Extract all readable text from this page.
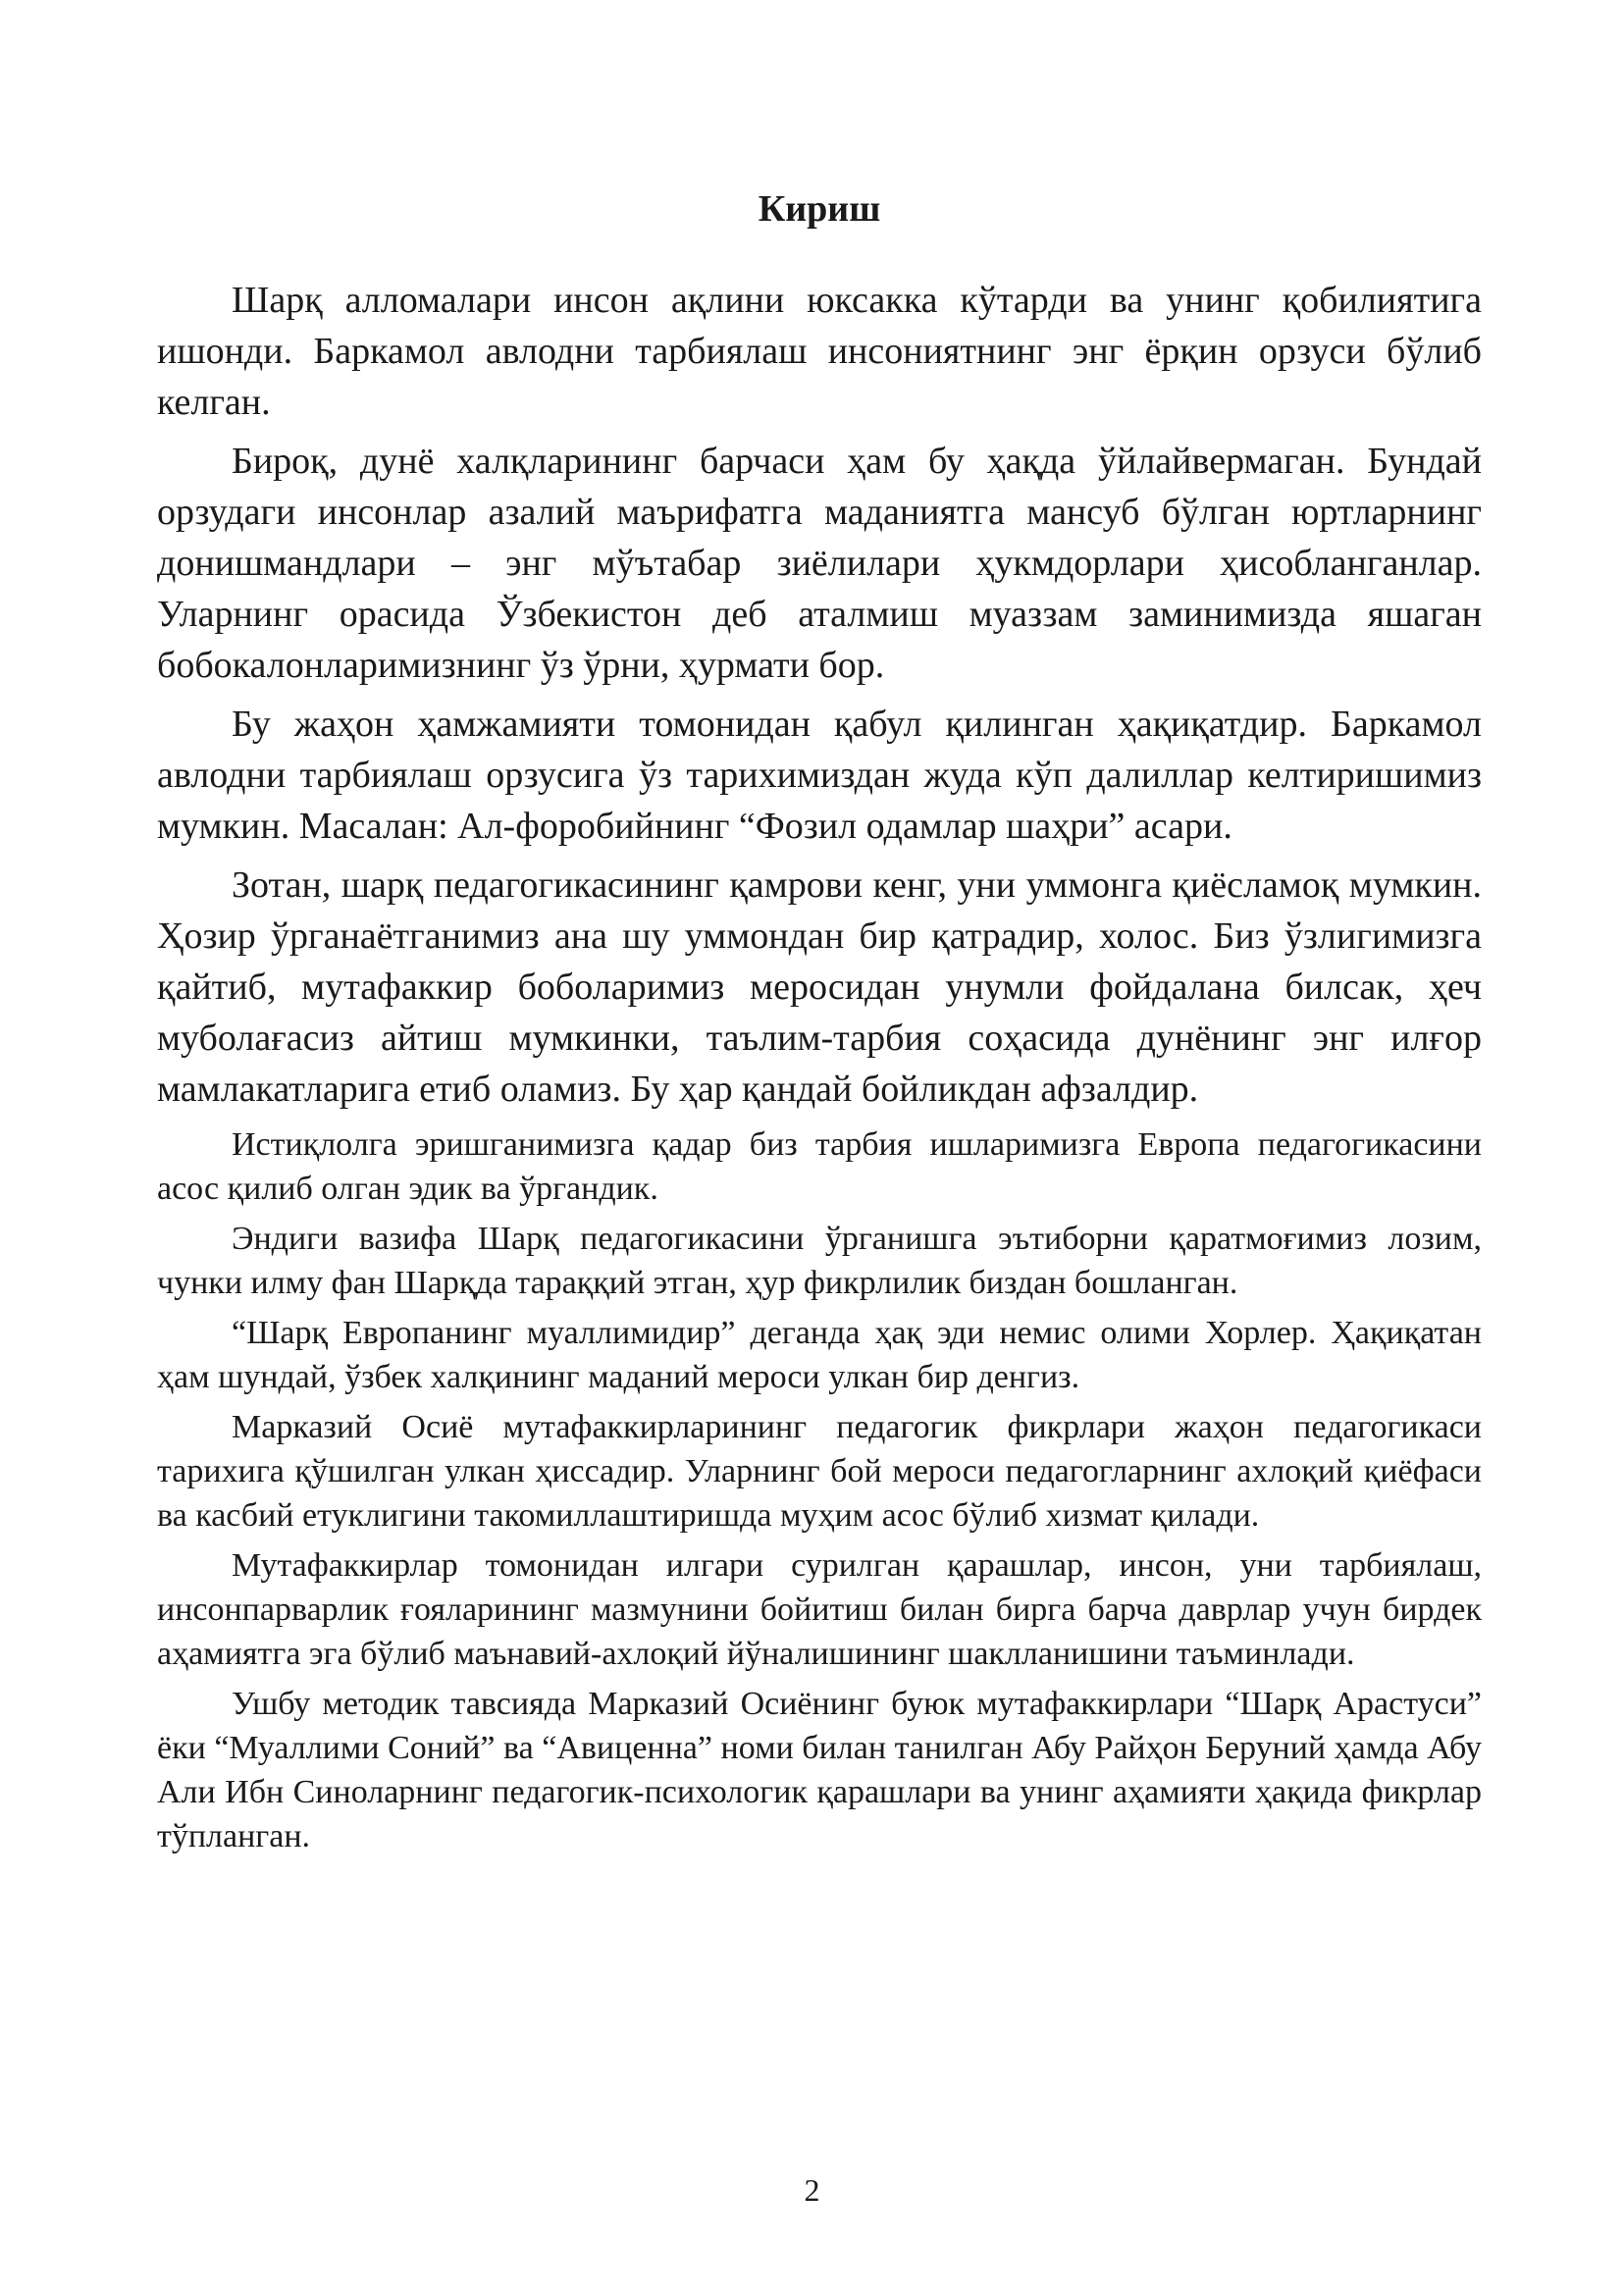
Кириш

Шарқ алломалари инсон ақлини юксакка кўтарди ва унинг қобилиятига ишонди. Баркамол авлодни тарбиялаш инсониятнинг энг ёрқин орзуси бўлиб келган.

Бироқ, дунё халқларининг барчаси ҳам бу ҳақда ўйлайвермаган. Бундай орзудаги инсонлар азалий маърифатга маданиятга мансуб бўлган юртларнинг донишмандлари – энг мўътабар зиёлилари ҳукмдорлари ҳисобланганлар. Уларнинг орасида Ўзбекистон деб аталмиш муаззам заминимизда яшаган бобокалонларимизнинг ўз ўрни, ҳурмати бор.

Бу жаҳон ҳамжамияти томонидан қабул қилинган ҳақиқатдир. Баркамол авлодни тарбиялаш орзусига ўз тарихимиздан жуда кўп далиллар келтиришимиз мумкин. Масалан: Ал-форобийнинг “Фозил одамлар шаҳри” асари.

Зотан, шарқ педагогикасининг қамрови кенг, уни уммонга қиёсламоқ мумкин. Ҳозир ўрганаётганимиз ана шу уммондан бир қатрадир, холос. Биз ўзлигимизга қайтиб, мутафаккир боболаримиз меросидан унумли фойдалана билсак, ҳеч муболағасиз айтиш мумкинки, таълим-тарбия соҳасида дунёнинг энг илғор мамлакатларига етиб оламиз. Бу ҳар қандай бойликдан афзалдир.

Истиқлолга эришганимизга қадар биз тарбия ишларимизга Европа педагогикасини асос қилиб олган эдик ва ўргандик.

Эндиги вазифа Шарқ педагогикасини ўрганишга эътиборни қаратмоғимиз лозим, чунки илму фан Шарқда тараққий этган, ҳур фикрлилик биздан бошланган.

“Шарқ Европанинг муаллимидир” деганда ҳақ эди немис олими Хорлер. Ҳақиқатан ҳам шундай, ўзбек халқининг маданий мероси улкан бир денгиз.

Марказий Осиё мутафаккирларининг педагогик фикрлари жаҳон педагогикаси тарихига қўшилган улкан ҳиссадир. Уларнинг бой мероси педагогларнинг ахлоқий қиёфаси ва касбий етуклигини такомиллаштиришда муҳим асос бўлиб хизмат қилади.

Мутафаккирлар томонидан илгари сурилган қарашлар, инсон, уни тарбиялаш, инсонпарварлик ғояларининг мазмунини бойитиш билан бирга барча даврлар учун бирдек аҳамиятга эга бўлиб маънавий-ахлоқий йўналишининг шаклланишини таъминлади.

Ушбу методик тавсияда Марказий Осиёнинг буюк мутафаккирлари “Шарқ Арастуси” ёки “Муаллими Соний” ва “Авиценна” номи билан танилган Абу Райҳон Беруний ҳамда Абу Али Ибн Синоларнинг педагогик-психологик қарашлари ва унинг аҳамияти ҳақида фикрлар тўпланган.

2
